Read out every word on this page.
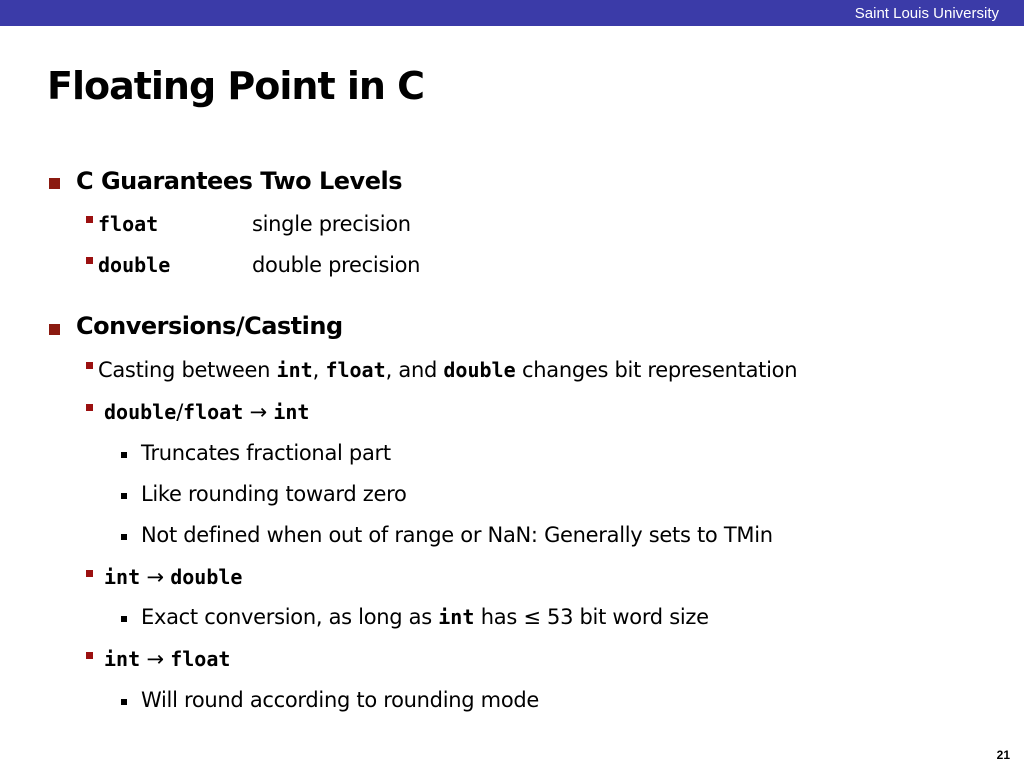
Saint Louis University
Floating Point in C
C Guarantees Two Levels
float	single precision
double	double precision
Conversions/Casting
Casting between int, float, and double changes bit representation
double/float → int
Truncates fractional part
Like rounding toward zero
Not defined when out of range or NaN: Generally sets to TMin
int → double
Exact conversion, as long as int has ≤ 53 bit word size
int → float
Will round according to rounding mode
21
